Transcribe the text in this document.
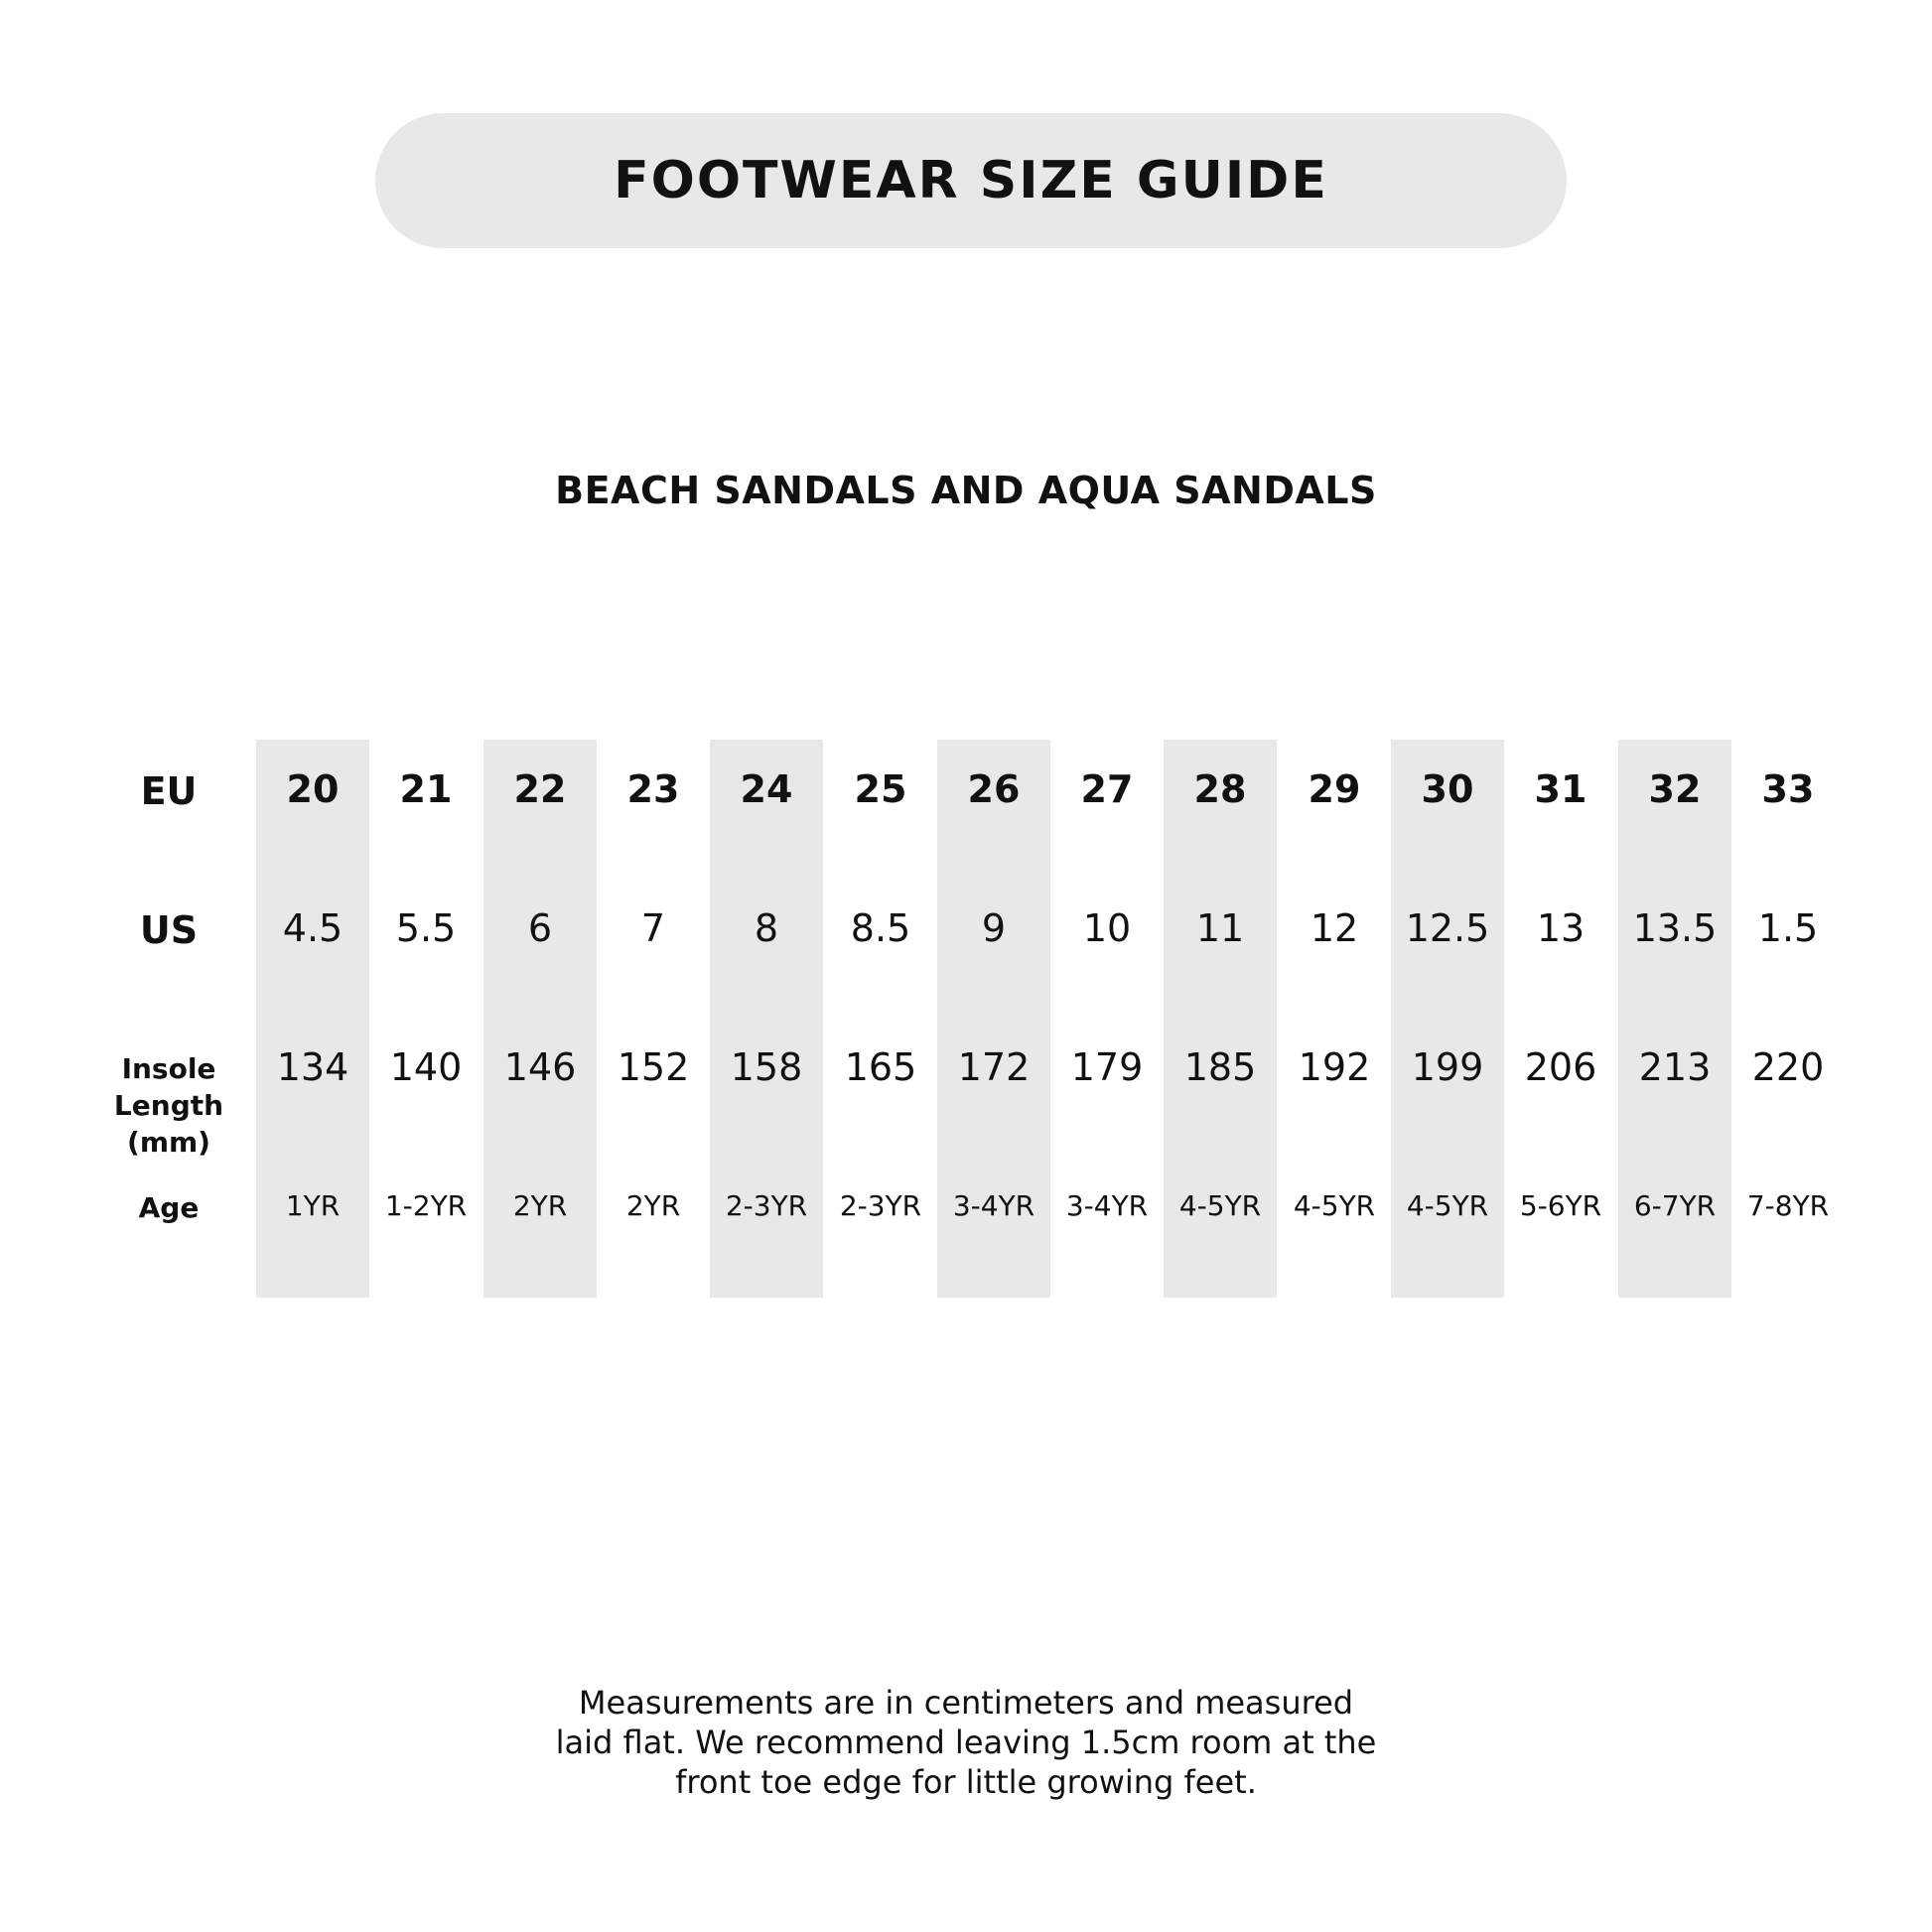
FOOTWEAR SIZE GUIDE
BEACH SANDALS AND AQUA SANDALS
EU
US
Insole
Length
(mm)
Age
20
4.5
134
1YR
21
5.5
140
1-2YR
22
6
146
2YR
23
7
152
2YR
24
8
158
2-3YR
25
8.5
165
2-3YR
26
9
172
3-4YR
27
10
179
3-4YR
28
11
185
4-5YR
29
12
192
4-5YR
30
12.5
199
4-5YR
31
13
206
5-6YR
32
13.5
213
6-7YR
33
1.5
220
7-8YR
Measurements are in centimeters and measured
laid flat. We recommend leaving 1.5cm room at the
front toe edge for little growing feet.
